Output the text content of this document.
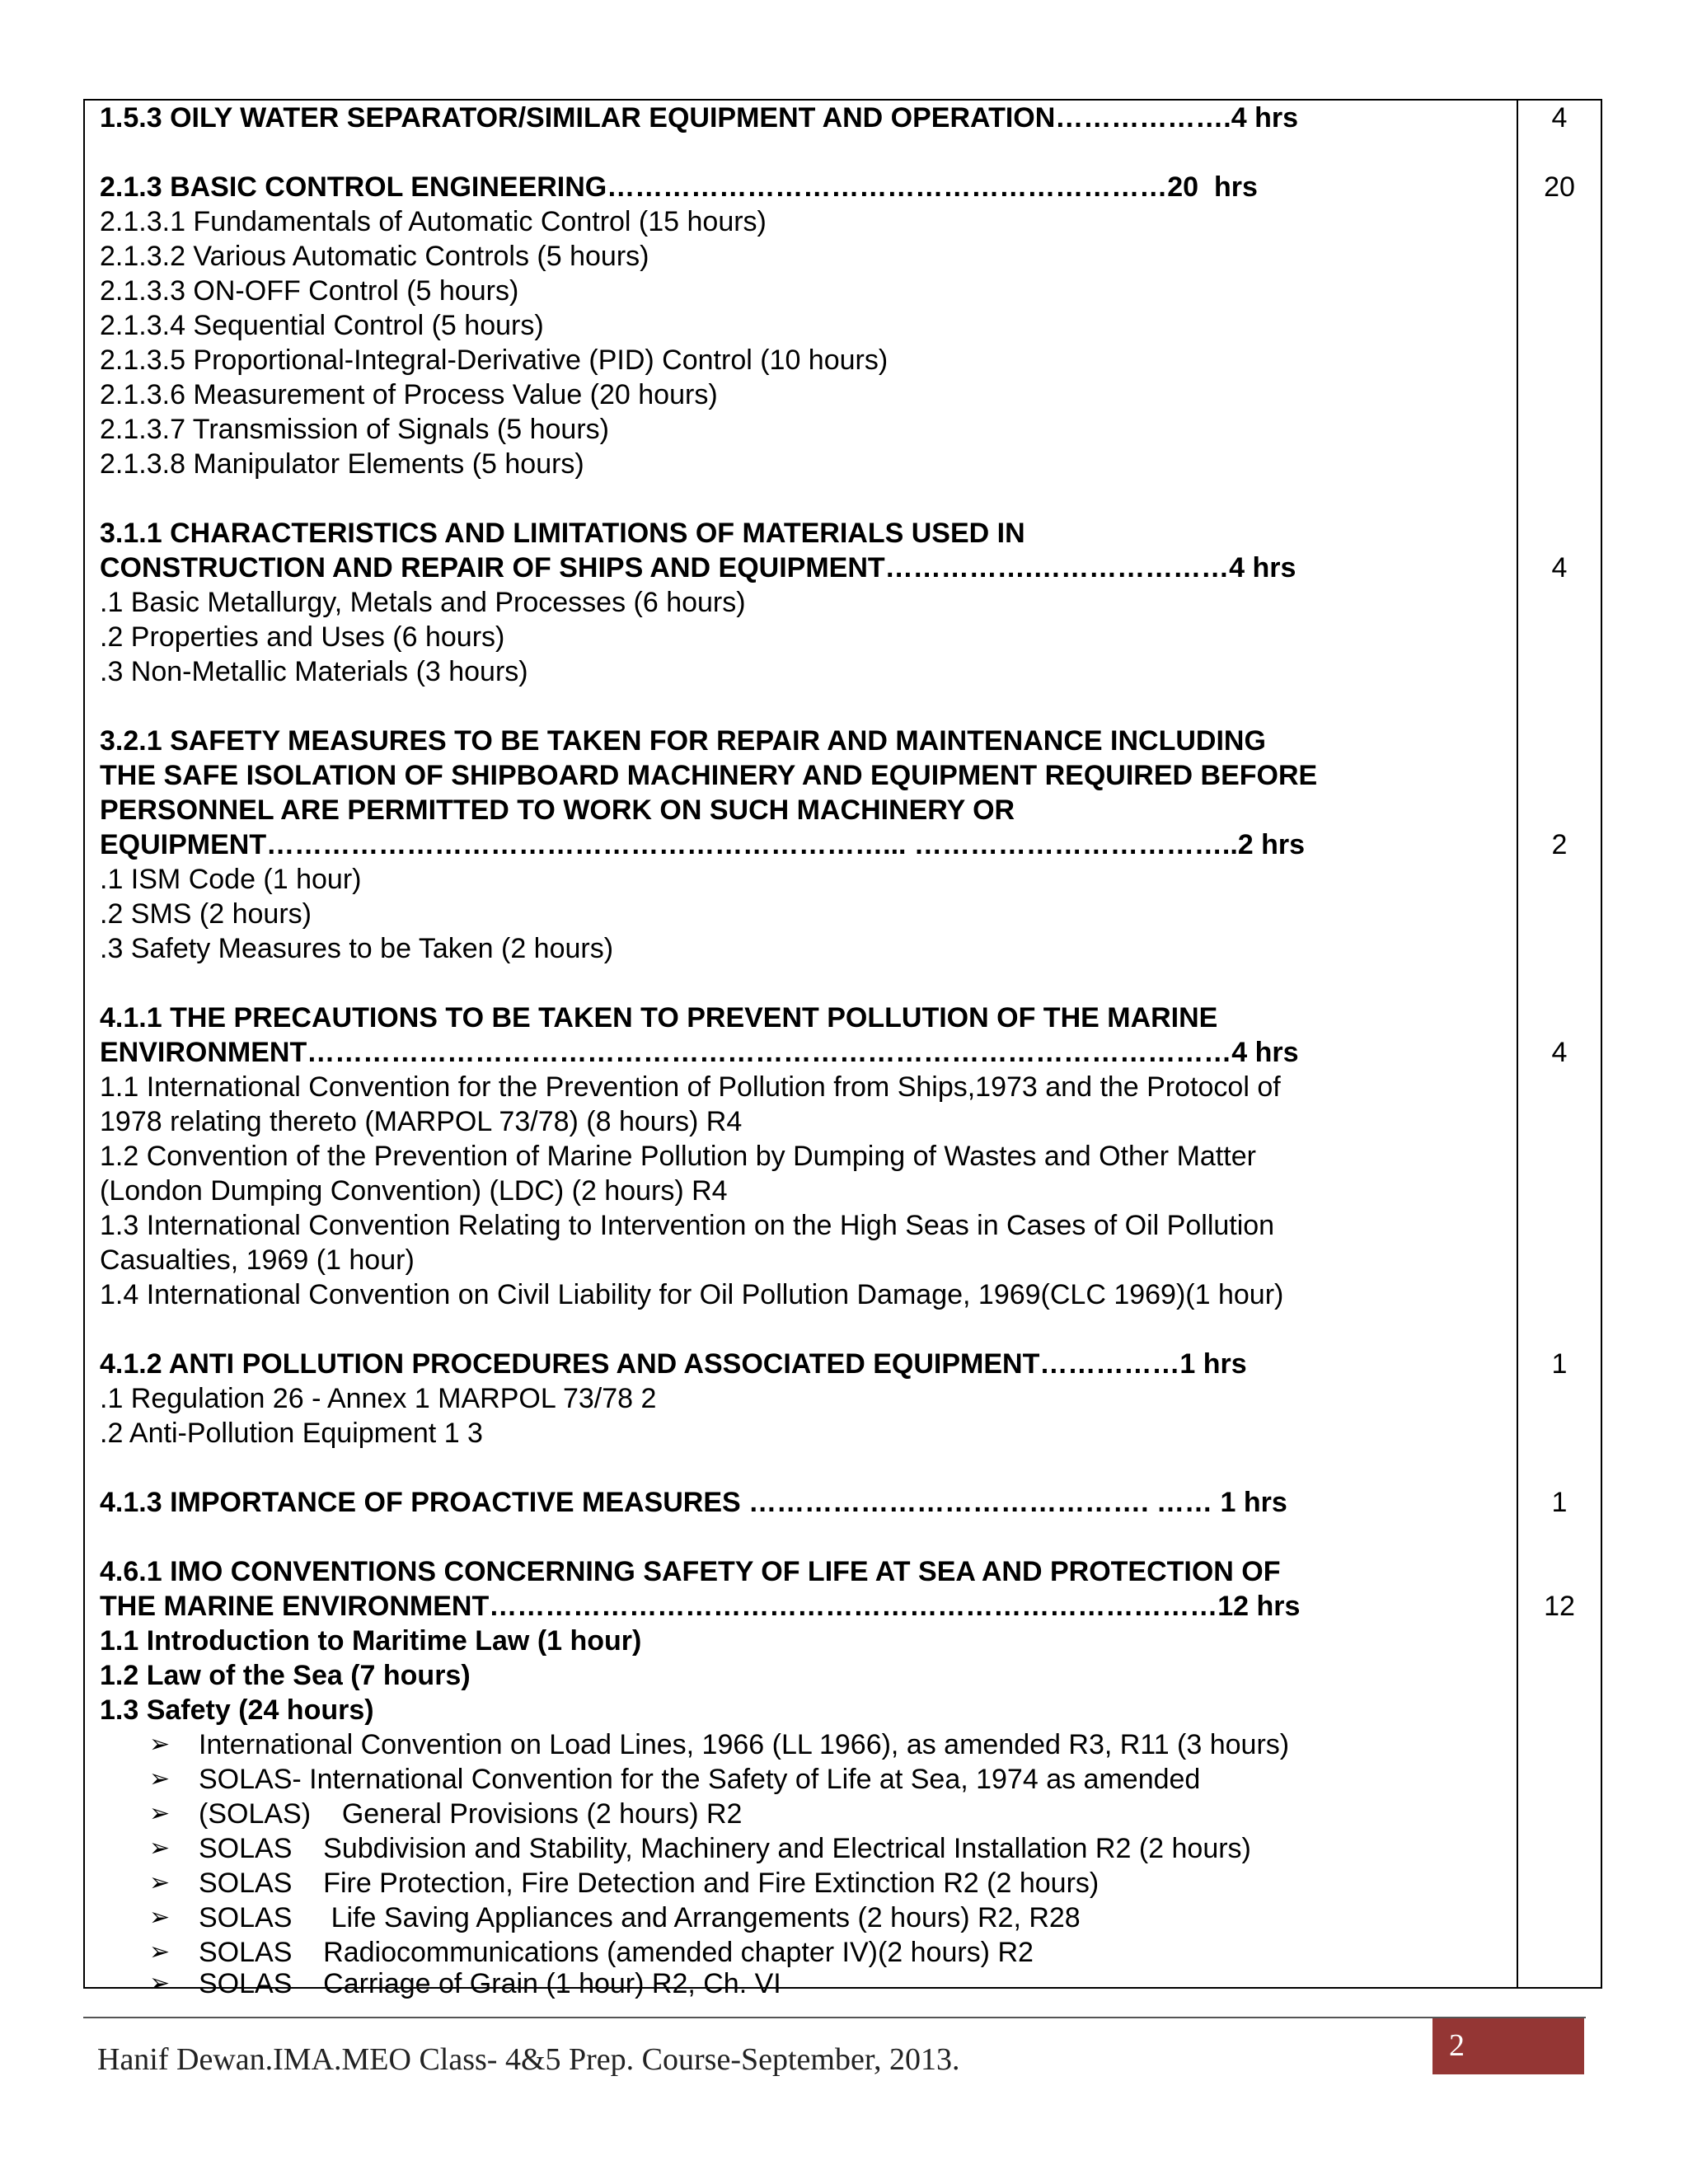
1.5.3 OILY WATER SEPARATOR/SIMILAR EQUIPMENT AND OPERATION……………….4 hrs
2.1.3 BASIC CONTROL ENGINEERING……………………………………………………20  hrs
2.1.3.1 Fundamentals of Automatic Control (15 hours)
2.1.3.2 Various Automatic Controls (5 hours)
2.1.3.3 ON-OFF Control (5 hours)
2.1.3.4 Sequential Control (5 hours)
2.1.3.5 Proportional-Integral-Derivative (PID) Control (10 hours)
2.1.3.6 Measurement of Process Value (20 hours)
2.1.3.7 Transmission of Signals (5 hours)
2.1.3.8 Manipulator Elements (5 hours)
3.1.1 CHARACTERISTICS AND LIMITATIONS OF MATERIALS USED IN
CONSTRUCTION AND REPAIR OF SHIPS AND EQUIPMENT…………….…………………4 hrs
.1 Basic Metallurgy, Metals and Processes (6 hours)
.2 Properties and Uses (6 hours)
.3 Non-Metallic Materials (3 hours)
3.2.1 SAFETY MEASURES TO BE TAKEN FOR REPAIR AND MAINTENANCE INCLUDING
THE SAFE ISOLATION OF SHIPBOARD MACHINERY AND EQUIPMENT REQUIRED BEFORE
PERSONNEL ARE PERMITTED TO WORK ON SUCH MACHINERY OR
EQUIPMENT…………………………………………………………... ……………………………..2 hrs
.1 ISM Code (1 hour)
.2 SMS (2 hours)
.3 Safety Measures to be Taken (2 hours)
4.1.1 THE PRECAUTIONS TO BE TAKEN TO PREVENT POLLUTION OF THE MARINE
ENVIRONMENT………………………………………………………………………………………4 hrs
1.1 International Convention for the Prevention of Pollution from Ships,1973 and the Protocol of
1978 relating thereto (MARPOL 73/78) (8 hours) R4
1.2 Convention of the Prevention of Marine Pollution by Dumping of Wastes and Other Matter
(London Dumping Convention) (LDC) (2 hours) R4
1.3 International Convention Relating to Intervention on the High Seas in Cases of Oil Pollution
Casualties, 1969 (1 hour)
1.4 International Convention on Civil Liability for Oil Pollution Damage, 1969(CLC 1969)(1 hour)
4.1.2 ANTI POLLUTION PROCEDURES AND ASSOCIATED EQUIPMENT……………1 hrs
.1 Regulation 26 - Annex 1 MARPOL 73/78 2
.2 Anti-Pollution Equipment 1 3
4.1.3 IMPORTANCE OF PROACTIVE MEASURES ……………………………………. …… 1 hrs
4.6.1 IMO CONVENTIONS CONCERNING SAFETY OF LIFE AT SEA AND PROTECTION OF
THE MARINE ENVIRONMENT……………………………………………………………………12 hrs
1.1 Introduction to Maritime Law (1 hour)
1.2 Law of the Sea (7 hours)
1.3 Safety (24 hours)
➢ International Convention on Load Lines, 1966 (LL 1966), as amended R3, R11 (3 hours)
➢ SOLAS- International Convention for the Safety of Life at Sea, 1974 as amended
➢ (SOLAS)    General Provisions (2 hours) R2
➢ SOLAS    Subdivision and Stability, Machinery and Electrical Installation R2 (2 hours)
➢ SOLAS    Fire Protection, Fire Detection and Fire Extinction R2 (2 hours)
➢ SOLAS     Life Saving Appliances and Arrangements (2 hours) R2, R28
➢ SOLAS    Radiocommunications (amended chapter IV)(2 hours) R2
➢ SOLAS    Carriage of Grain (1 hour) R2, Ch. VI
4
20
4
2
4
1
1
12
Hanif Dewan.IMA.MEO Class- 4&5 Prep. Course-September, 2013.	2
